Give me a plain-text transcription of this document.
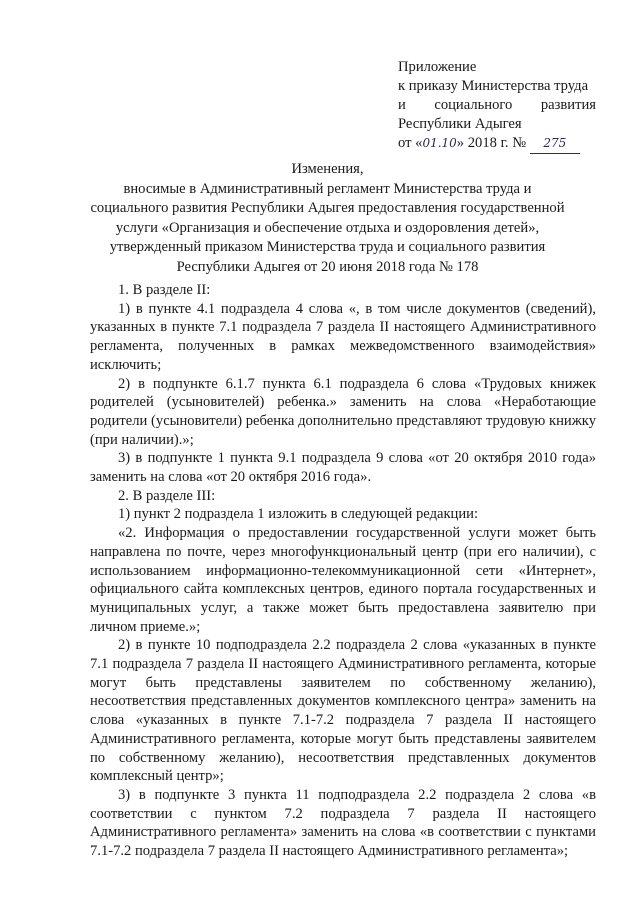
Приложение
к приказу Министерства труда
и социального развития
Республики Адыгея
от «01.10» 2018 г. № 275
Изменения,
вносимые в Административный регламент Министерства труда и
социального развития Республики Адыгея предоставления государственной
услуги «Организация и обеспечение отдыха и оздоровления детей»,
утвержденный приказом Министерства труда и социального развития
Республики Адыгея от 20 июня 2018 года № 178

1. В разделе II:

1) в пункте 4.1 подраздела 4 слова «, в том числе документов (сведений), указанных в пункте 7.1 подраздела 7 раздела II настоящего Административного регламента, полученных в рамках межведомственного взаимодействия» исключить;

2) в подпункте 6.1.7 пункта 6.1 подраздела 6 слова «Трудовых книжек родителей (усыновителей) ребенка.» заменить на слова «Неработающие родители (усыновители) ребенка дополнительно представляют трудовую книжку (при наличии).»;

3) в подпункте 1 пункта 9.1 подраздела 9 слова «от 20 октября 2010 года» заменить на слова «от 20 октября 2016 года».

2. В разделе III:

1) пункт 2 подраздела 1 изложить в следующей редакции:

«2. Информация о предоставлении государственной услуги может быть направлена по почте, через многофункциональный центр (при его наличии), с использованием информационно-телекоммуникационной сети «Интернет», официального сайта комплексных центров, единого портала государственных и муниципальных услуг, а также может быть предоставлена заявителю при личном приеме.»;

2) в пункте 10 подподраздела 2.2 подраздела 2 слова «указанных в пункте 7.1 подраздела 7 раздела II настоящего Административного регламента, которые могут быть представлены заявителем по собственному желанию), несоответствия представленных документов комплексного центра» заменить на слова «указанных в пункте 7.1-7.2 подраздела 7 раздела II настоящего Административного регламента, которые могут быть представлены заявителем по собственному желанию), несоответствия представленных документов комплексный центр»;

3) в подпункте 3 пункта 11 подподраздела 2.2 подраздела 2 слова «в соответствии с пунктом 7.2 подраздела 7 раздела II настоящего Административного регламента» заменить на слова «в соответствии с пунктами 7.1-7.2 подраздела 7 раздела II настоящего Административного регламента»;
